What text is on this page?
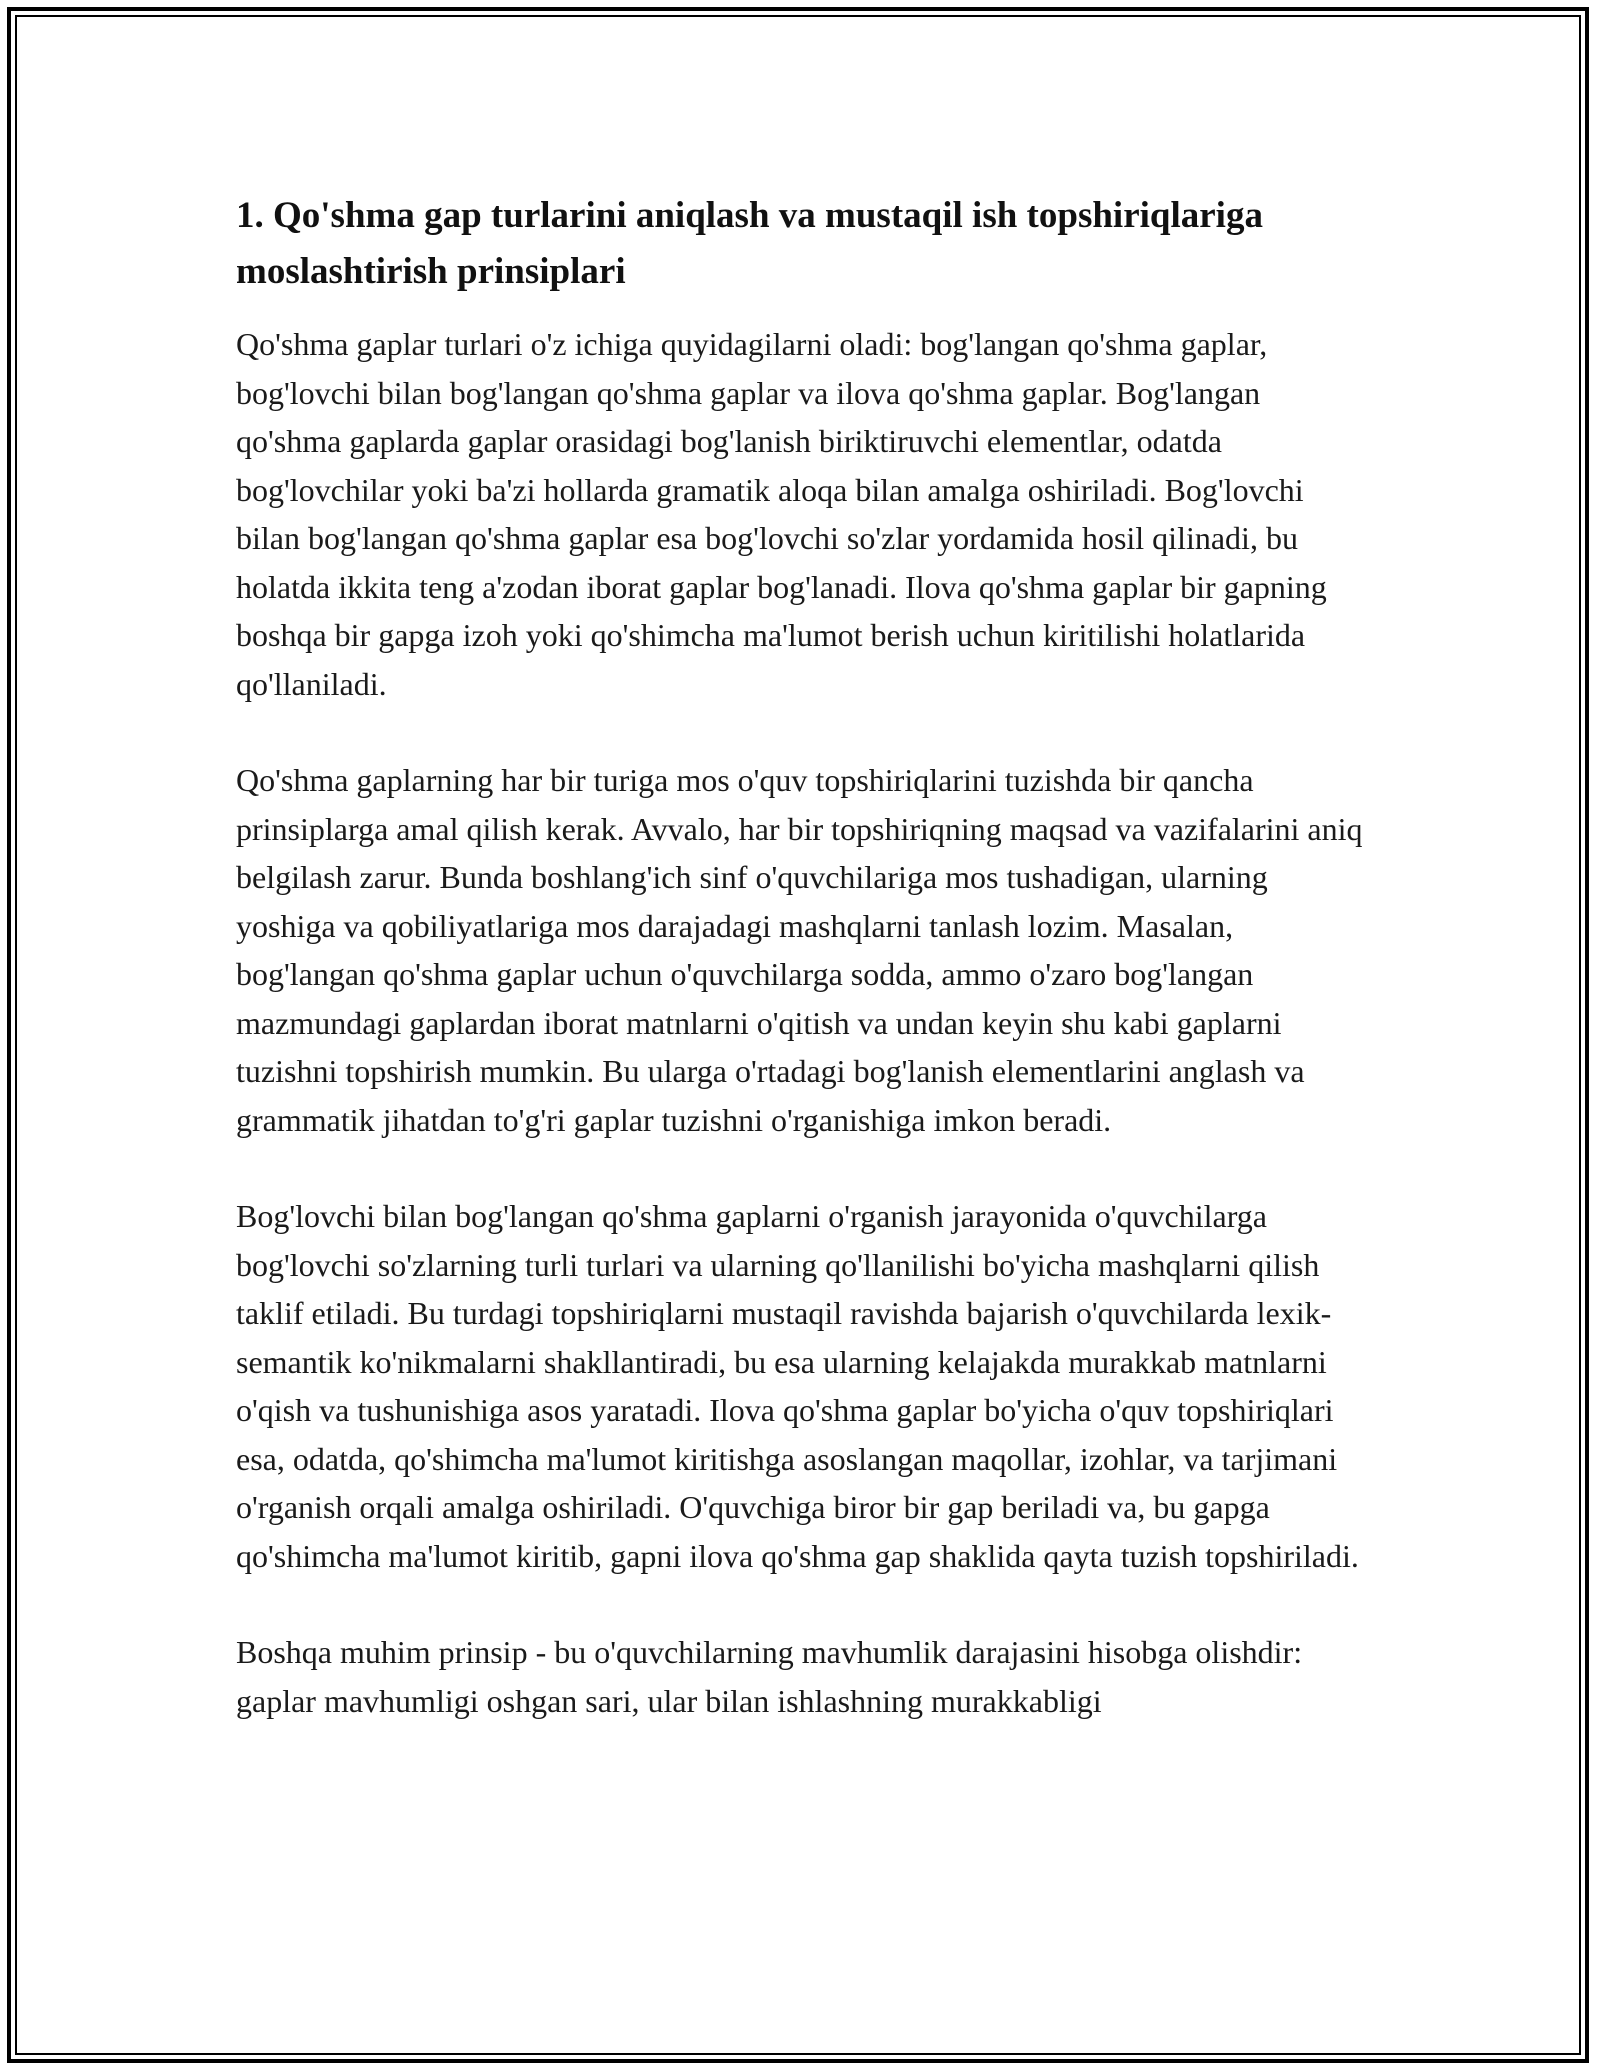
1. Qo'shma gap turlarini aniqlash va mustaqil ish topshiriqlariga moslashtirish prinsiplari

Qo'shma gaplar turlari o'z ichiga quyidagilarni oladi: bog'langan qo'shma gaplar, bog'lovchi bilan bog'langan qo'shma gaplar va ilova qo'shma gaplar. Bog'langan qo'shma gaplarda gaplar orasidagi bog'lanish biriktiruvchi elementlar, odatda bog'lovchilar yoki ba'zi hollarda gramatik aloqa bilan amalga oshiriladi. Bog'lovchi bilan bog'langan qo'shma gaplar esa bog'lovchi so'zlar yordamida hosil qilinadi, bu holatda ikkita teng a'zodan iborat gaplar bog'lanadi. Ilova qo'shma gaplar bir gapning boshqa bir gapga izoh yoki qo'shimcha ma'lumot berish uchun kiritilishi holatlarida qo'llaniladi.

Qo'shma gaplarning har bir turiga mos o'quv topshiriqlarini tuzishda bir qancha prinsiplarga amal qilish kerak. Avvalo, har bir topshiriqning maqsad va vazifalarini aniq belgilash zarur. Bunda boshlang'ich sinf o'quvchilariga mos tushadigan, ularning yoshiga va qobiliyatlariga mos darajadagi mashqlarni tanlash lozim. Masalan, bog'langan qo'shma gaplar uchun o'quvchilarga sodda, ammo o'zaro bog'langan mazmundagi gaplardan iborat matnlarni o'qitish va undan keyin shu kabi gaplarni tuzishni topshirish mumkin. Bu ularga o'rtadagi bog'lanish elementlarini anglash va grammatik jihatdan to'g'ri gaplar tuzishni o'rganishiga imkon beradi.

Bog'lovchi bilan bog'langan qo'shma gaplarni o'rganish jarayonida o'quvchilarga bog'lovchi so'zlarning turli turlari va ularning qo'llanilishi bo'yicha mashqlarni qilish taklif etiladi. Bu turdagi topshiriqlarni mustaqil ravishda bajarish o'quvchilarda lexik-semantik ko'nikmalarni shakllantiradi, bu esa ularning kelajakda murakkab matnlarni o'qish va tushunishiga asos yaratadi. Ilova qo'shma gaplar bo'yicha o'quv topshiriqlari esa, odatda, qo'shimcha ma'lumot kiritishga asoslangan maqollar, izohlar, va tarjimani o'rganish orqali amalga oshiriladi. O'quvchiga biror bir gap beriladi va, bu gapga qo'shimcha ma'lumot kiritib, gapni ilova qo'shma gap shaklida qayta tuzish topshiriladi.

Boshqa muhim prinsip - bu o'quvchilarning mavhumlik darajasini hisobga olishdir: gaplar mavhumligi oshgan sari, ular bilan ishlashning murakkabligi
